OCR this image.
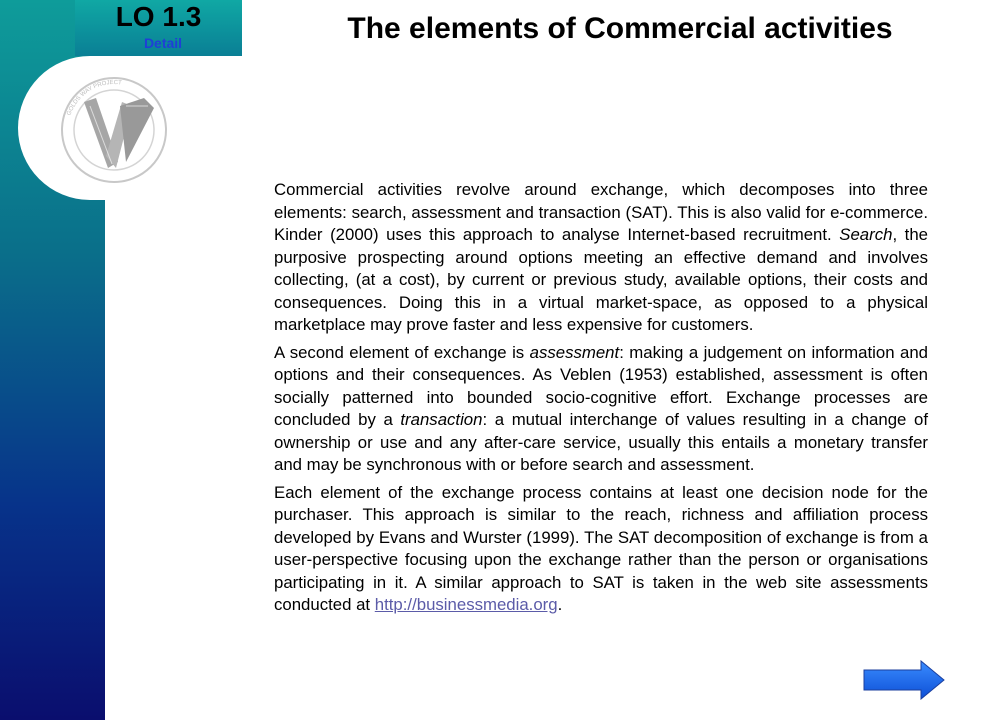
LO 1.3
Detail
GOLDS WAY PROJECT
The elements of Commercial activities

Commercial activities revolve around exchange, which decomposes into three elements: search, assessment and transaction (SAT). This is also valid for e-commerce. Kinder (2000) uses this approach to analyse Internet-based recruitment. Search, the purposive prospecting around options meeting an effective demand and involves collecting, (at a cost), by current or previous study, available options, their costs and consequences. Doing this in a virtual market-space, as opposed to a physical marketplace may prove faster and less expensive for customers.

A second element of exchange is assessment: making a judgement on information and options and their consequences. As Veblen (1953) established, assessment is often socially patterned into bounded socio-cognitive effort. Exchange processes are concluded by a transaction: a mutual interchange of values resulting in a change of ownership or use and any after-care service, usually this entails a monetary transfer and may be synchronous with or before search and assessment.

Each element of the exchange process contains at least one decision node for the purchaser. This approach is similar to the reach, richness and affiliation process developed by Evans and Wurster (1999). The SAT decomposition of exchange is from a user-perspective focusing upon the exchange rather than the person or organisations participating in it. A similar approach to SAT is taken in the web site assessments conducted at http://businessmedia.org.
